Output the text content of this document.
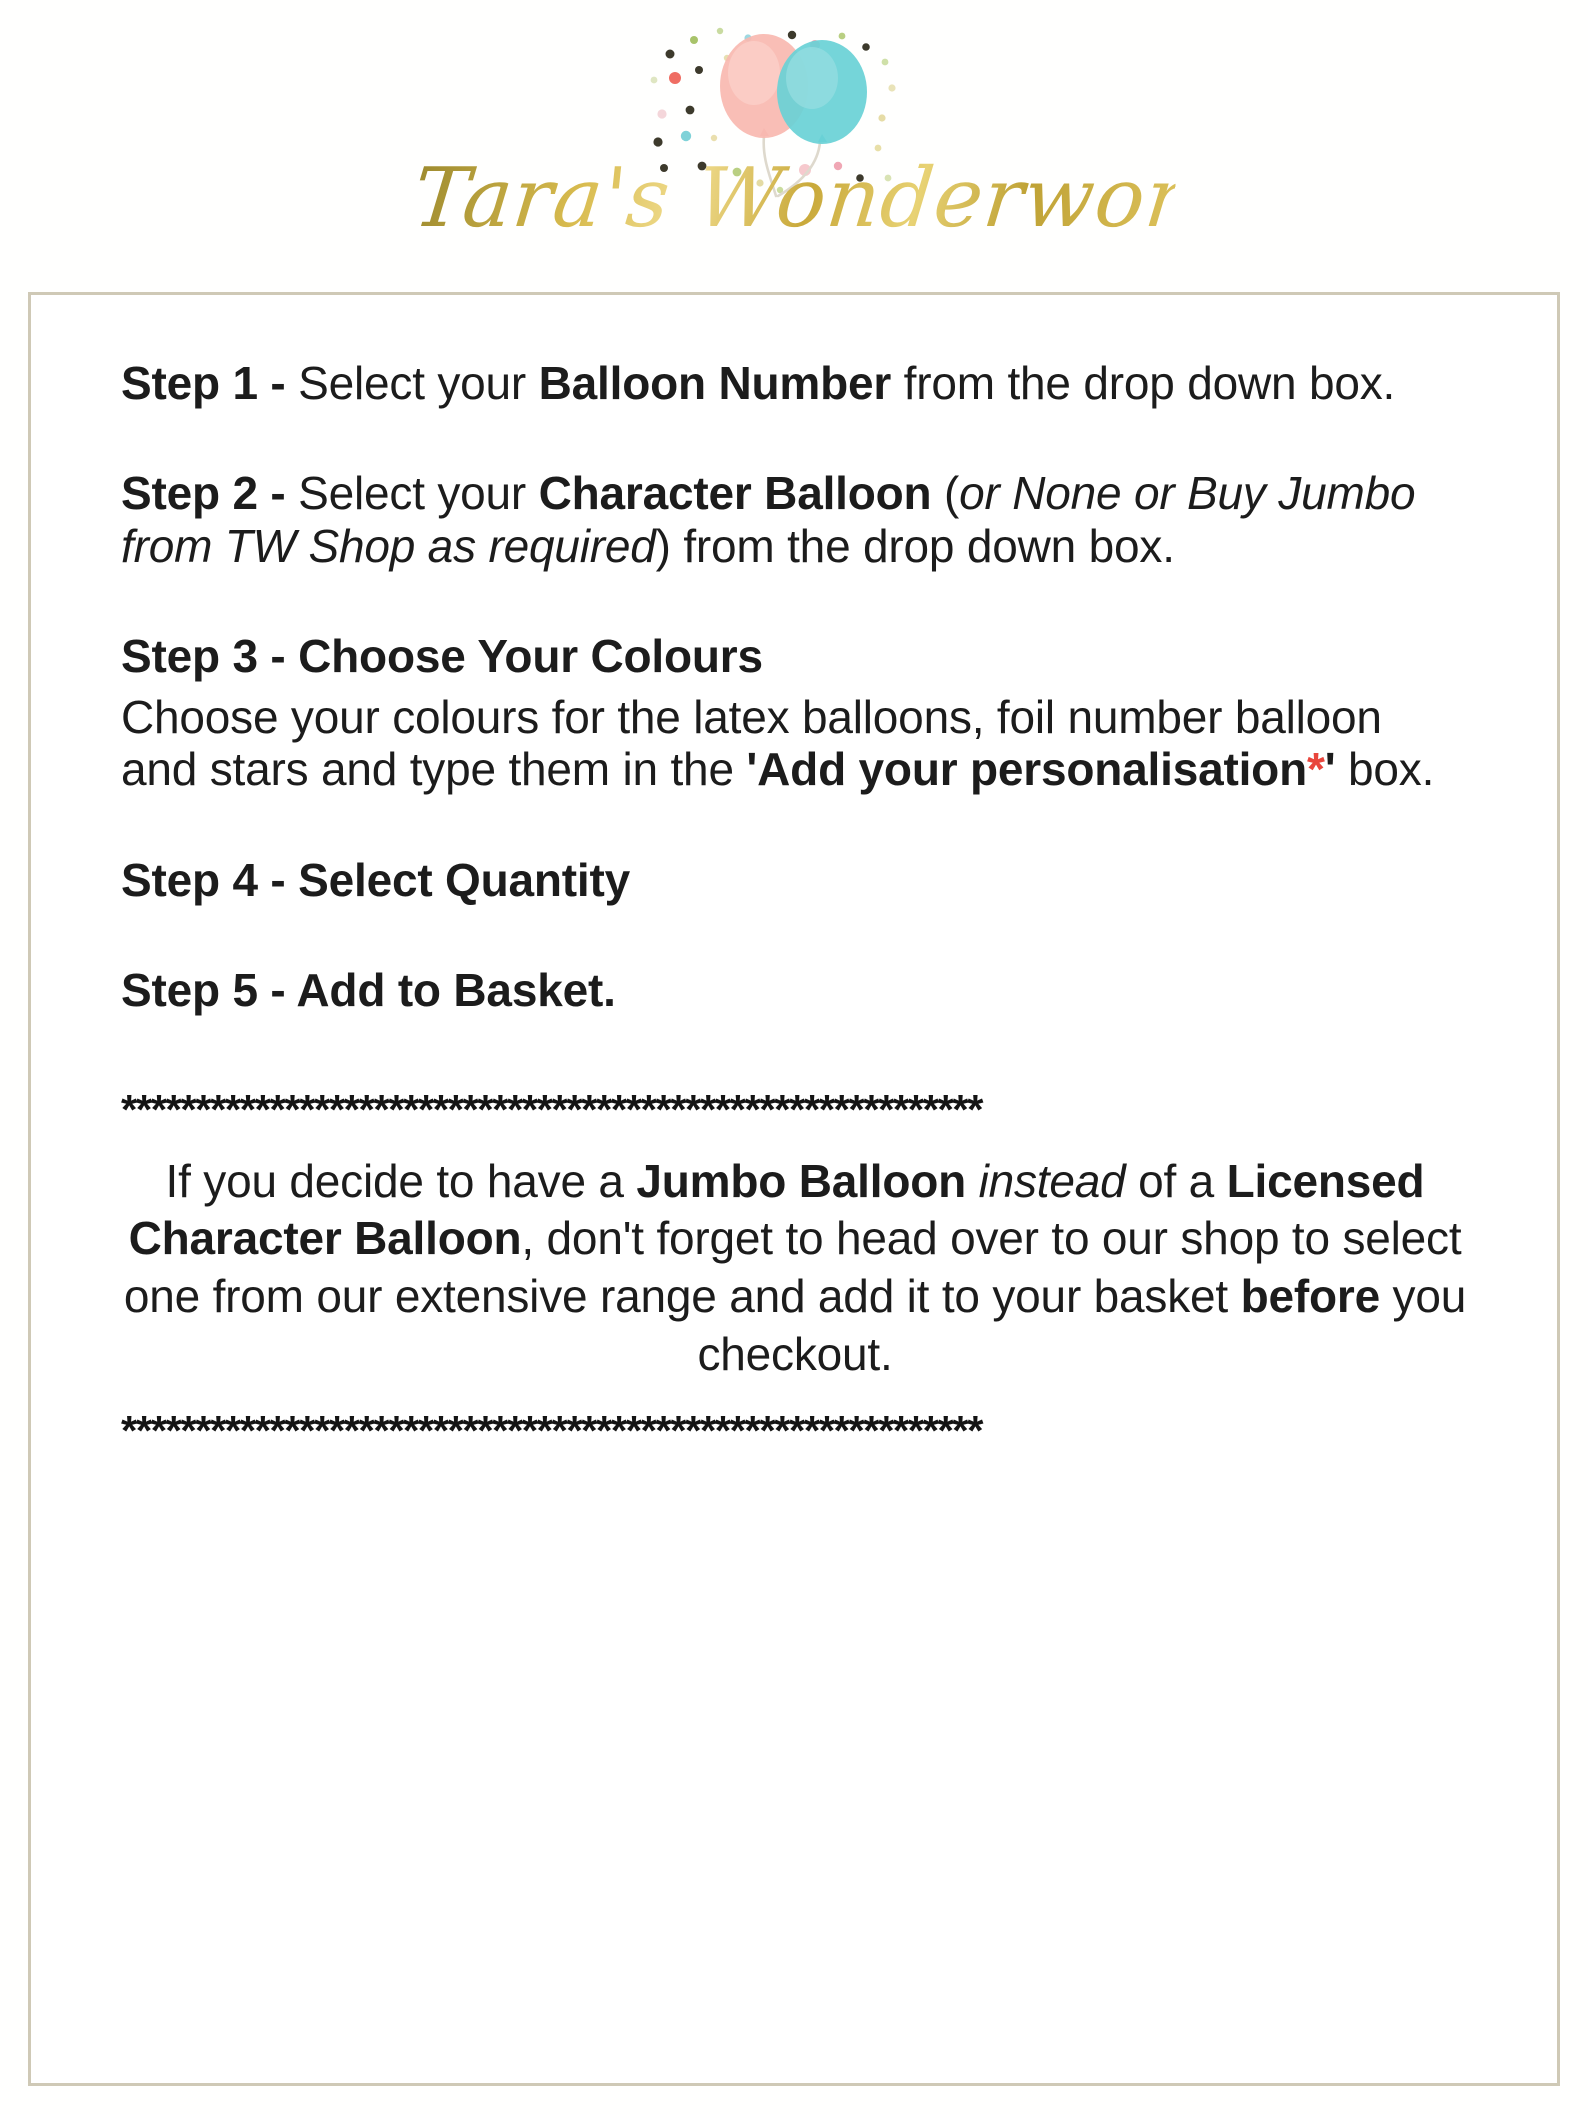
Tara's Wonderworld

Step 1 - Select your Balloon Number from the drop down box.

Step 2 - Select your Character Balloon (or None or Buy Jumbo from TW Shop as required) from the drop down box.

Step 3 - Choose Your Colours

Choose your colours for the latex balloons, foil number balloon and stars and type them in the 'Add your personalisation*' box.

Step 4 - Select Quantity

Step 5 - Add to Basket.

**********************************************************

If you decide to have a Jumbo Balloon instead of a Licensed Character Balloon, don't forget to head over to our shop to select one from our extensive range and add it to your basket before you checkout.

**********************************************************
